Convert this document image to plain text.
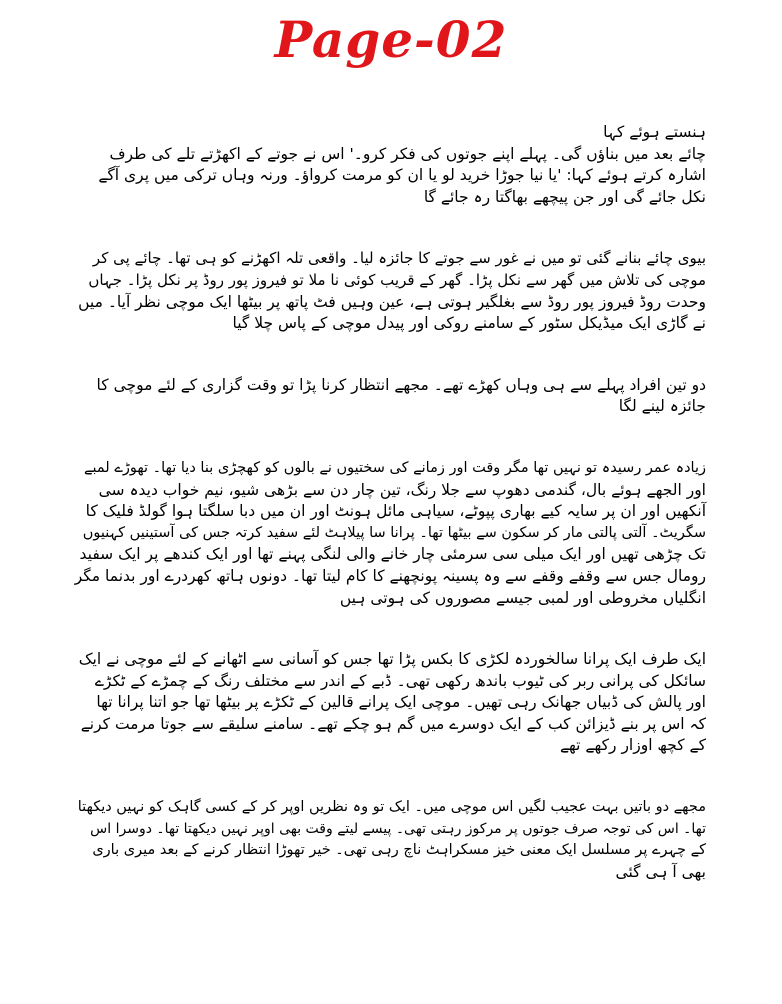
Page-02

ہنستے ہوئے کہا
چائے بعد میں بناؤں گی۔ پہلے اپنے جوتوں کی فکر کرو۔' اس نے جوتے کے اکھڑتے تلے کی طرف
اشارہ کرتے ہوئے کہا: 'یا نیا جوڑا خرید لو یا ان کو مرمت کرواؤ۔ ورنہ وہاں ترکی میں پری آگے
نکل جائے گی اور جن پیچھے بھاگتا رہ جائے گا

بیوی چائے بنانے گئی تو میں نے غور سے جوتے کا جائزہ لیا۔ واقعی تلہ اکھڑنے کو ہی تھا۔ چائے پی کر
موچی کی تلاش میں گھر سے نکل پڑا۔ گھر کے قریب کوئی نا ملا تو فیروز پور روڈ پر نکل پڑا۔ جہاں
وحدت روڈ فیروز پور روڈ سے بغلگیر ہوتی ہے، عین وہیں فٹ پاتھ پر بیٹھا ایک موچی نظر آیا۔ میں
نے گاڑی ایک میڈیکل سٹور کے سامنے روکی اور پیدل موچی کے پاس چلا گیا

دو تین افراد پہلے سے ہی وہاں کھڑے تھے۔ مجھے انتظار کرنا پڑا تو وقت گزاری کے لئے موچی کا
جائزہ لینے لگا

زیادہ عمر رسیدہ تو نہیں تھا مگر وقت اور زمانے کی سختیوں نے بالوں کو کھچڑی بنا دیا تھا۔ تھوڑے لمبے
اور الجھے ہوئے بال، گندمی دھوپ سے جلا رنگ، تین چار دن سے بڑھی شیو، نیم خواب دیدہ سی
آنکھیں اور ان پر سایہ کیے بھاری پپوٹے، سیاہی مائل ہونٹ اور ان میں دبا سلگتا ہوا گولڈ فلیک کا
سگریٹ۔ آلتی پالتی مار کر سکون سے بیٹھا تھا۔ پرانا سا پیلاہٹ لئے سفید کرتہ جس کی آستینیں کہنیوں
تک چڑھی تھیں اور ایک میلی سی سرمئی چار خانے والی لنگی پہنے تھا اور ایک کندھے پر ایک سفید
رومال جس سے وقفے وقفے سے وہ پسینہ پونچھنے کا کام لیتا تھا۔ دونوں ہاتھ کھردرے اور بدنما مگر
انگلیاں مخروطی اور لمبی جیسے مصوروں کی ہوتی ہیں

ایک طرف ایک پرانا سالخوردہ لکڑی کا بکس پڑا تھا جس کو آسانی سے اٹھانے کے لئے موچی نے ایک
سائکل کی پرانی ربر کی ٹیوب باندھ رکھی تھی۔ ڈبے کے اندر سے مختلف رنگ کے چمڑے کے ٹکڑے
اور پالش کی ڈبیاں جھانک رہی تھیں۔ موچی ایک پرانے قالین کے ٹکڑے پر بیٹھا تھا جو اتنا پرانا تھا
کہ اس پر بنے ڈیزائن کب کے ایک دوسرے میں گم ہو چکے تھے۔ سامنے سلیقے سے جوتا مرمت کرنے
کے کچھ اوزار رکھے تھے

مجھے دو باتیں بہت عجیب لگیں اس موچی میں۔ ایک تو وہ نظریں اوپر کر کے کسی گاہک کو نہیں دیکھتا
تھا۔ اس کی توجہ صرف جوتوں پر مرکوز رہتی تھی۔ پیسے لیتے وقت بھی اوپر نہیں دیکھتا تھا۔ دوسرا اس
کے چہرے پر مسلسل ایک معنی خیز مسکراہٹ ناچ رہی تھی۔ خیر تھوڑا انتظار کرنے کے بعد میری باری
بھی آ ہی گئی
